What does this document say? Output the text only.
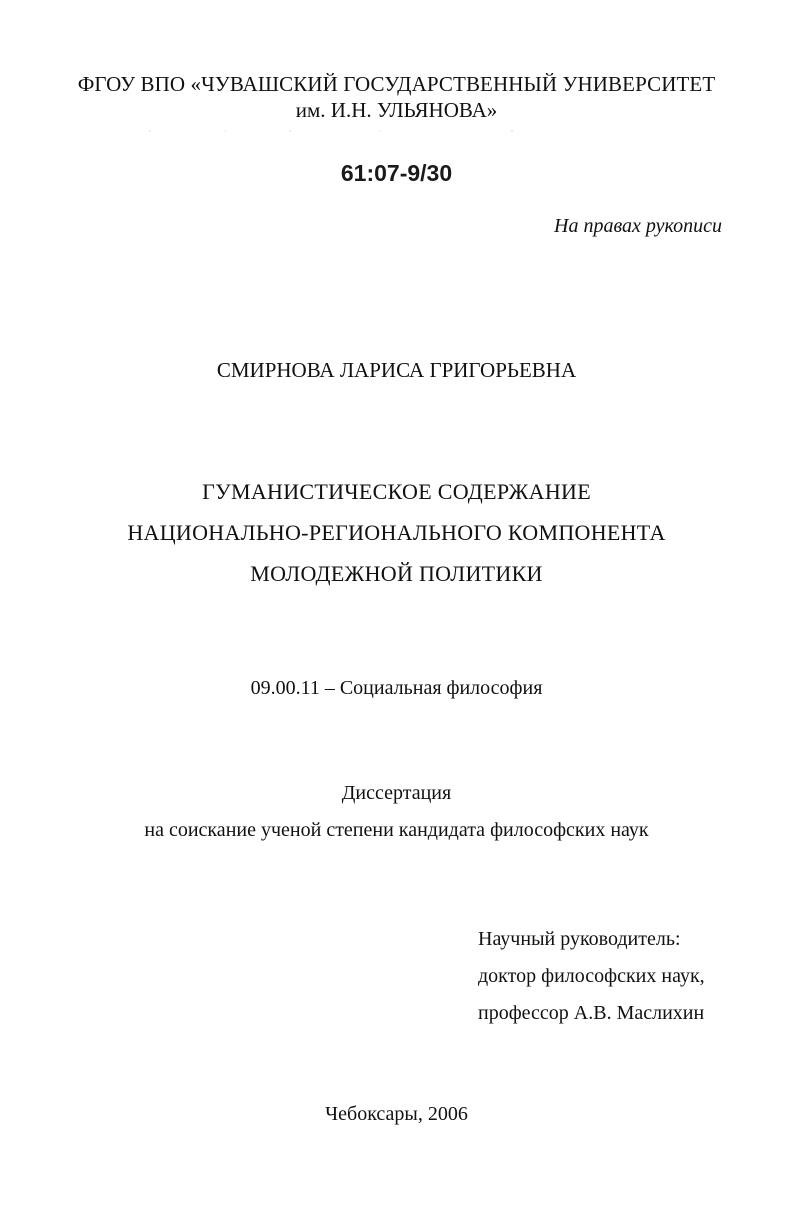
ФГОУ ВПО «ЧУВАШСКИЙ ГОСУДАРСТВЕННЫЙ УНИВЕРСИТЕТ
им. И.Н. УЛЬЯНОВА»
61:07-9/30
На правах рукописи
СМИРНОВА ЛАРИСА ГРИГОРЬЕВНА
ГУМАНИСТИЧЕСКОЕ СОДЕРЖАНИЕ
НАЦИОНАЛЬНО-РЕГИОНАЛЬНОГО КОМПОНЕНТА
МОЛОДЕЖНОЙ ПОЛИТИКИ
09.00.11 – Социальная философия
Диссертация
на соискание ученой степени кандидата философских наук
Научный руководитель:
доктор философских наук,
профессор А.В. Маслихин
Чебоксары, 2006
